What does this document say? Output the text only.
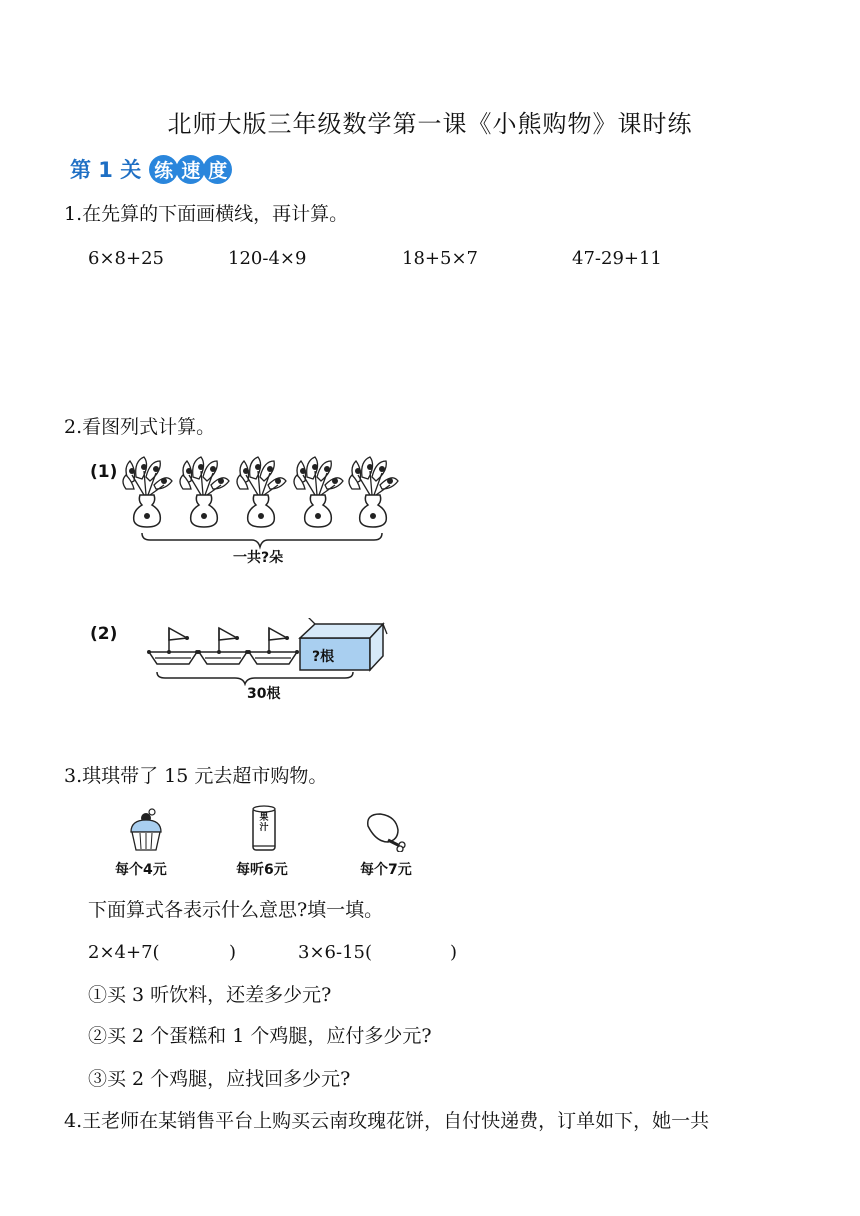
北师大版三年级数学第一课《小熊购物》课时练
第 1 关 练 速 度
1.在先算的下面画横线，再计算。
6×8+25	120-4×9	18+5×7	47-29+11
2.看图列式计算。
(1)
一共?朵
(2)
?根
30根
3.琪琪带了 15 元去超市购物。
果汁
每个4元	每听6元	每个7元
下面算式各表示什么意思?填一填。
2×4+7(	)	3×6-15(	)
①买 3 听饮料，还差多少元?
②买 2 个蛋糕和 1 个鸡腿，应付多少元?
③买 2 个鸡腿，应找回多少元?
4.王老师在某销售平台上购买云南玫瑰花饼，自付快递费，订单如下，她一共
